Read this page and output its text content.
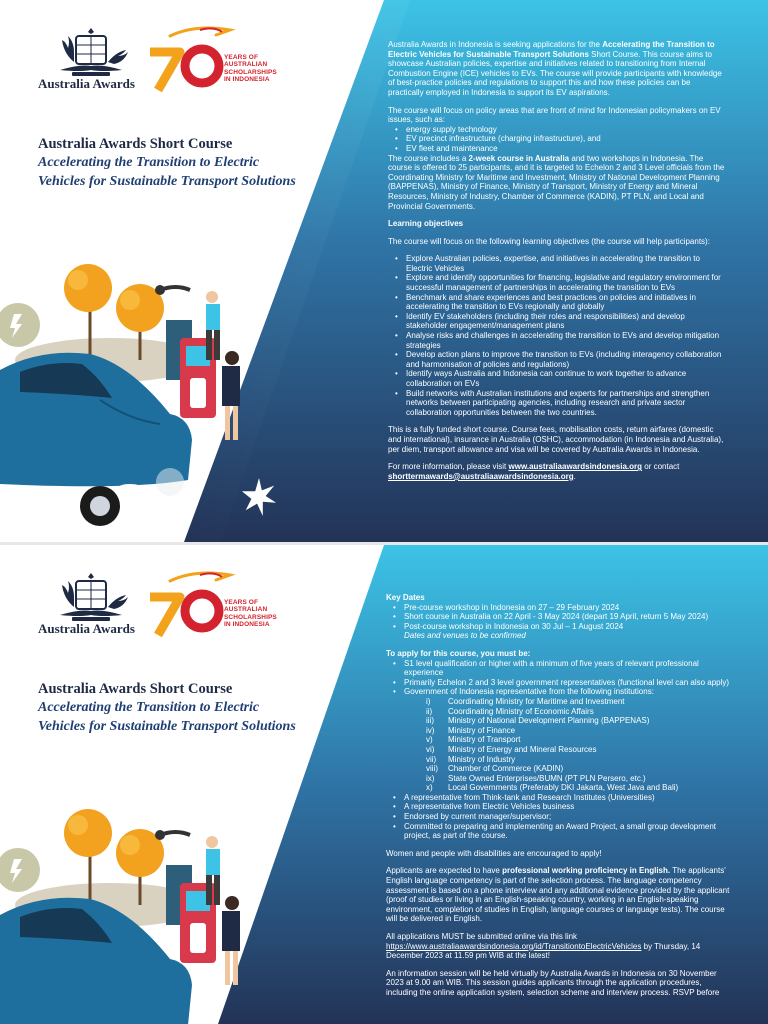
Australia Awards
YEARS OF
AUSTRALIAN
SCHOLARSHIPS
IN INDONESIA
Australia Awards Short Course
Accelerating the Transition to Electric Vehicles for Sustainable Transport Solutions

Australia Awards in Indonesia is seeking applications for the Accelerating the Transition to Electric Vehicles for Sustainable Transport Solutions Short Course. This course aims to showcase Australian policies, expertise and initiatives related to transitioning from Internal Combustion Engine (ICE) vehicles to EVs. The course will provide participants with knowledge of best-practice policies and regulations to support this and how these policies can be practically employed in Indonesia to support its EV aspirations.

The course will focus on policy areas that are front of mind for Indonesian policymakers on EV issues, such as:

• energy supply technology
• EV precinct infrastructure (charging infrastructure), and
• EV fleet and maintenance

The course includes a 2-week course in Australia and two workshops in Indonesia. The course is offered to 25 participants, and it is targeted to Echelon 2 and 3 Level officials from the Coordinating Ministry for Maritime and Investment, Ministry of National Development Planning (BAPPENAS), Ministry of Finance, Ministry of Transport, Ministry of Energy and Mineral Resources, Ministry of Industry, Chamber of Commerce (KADIN), PT PLN, and Local and Provincial Governments.

Learning objectives

The course will focus on the following learning objectives (the course will help participants):

• Explore Australian policies, expertise, and initiatives in accelerating the transition to Electric Vehicles
• Explore and identify opportunities for financing, legislative and regulatory environment for successful management of partnerships in accelerating the transition to EVs
• Benchmark and share experiences and best practices on policies and initiatives in accelerating the transition to EVs regionally and globally
• Identify EV stakeholders (including their roles and responsibilities) and develop stakeholder engagement/management plans
• Analyse risks and challenges in accelerating the transition to EVs and develop mitigation strategies
• Develop action plans to improve the transition to EVs (including interagency collaboration and harmonisation of policies and regulations)
• Identify ways Australia and Indonesia can continue to work together to advance collaboration on EVs
• Build networks with Australian institutions and experts for partnerships and strengthen networks between participating agencies, including research and private sector collaboration opportunities between the two countries.

This is a fully funded short course. Course fees, mobilisation costs, return airfares (domestic and international), insurance in Australia (OSHC), accommodation (in Indonesia and Australia), per diem, transport allowance and visa will be covered by Australia Awards in Indonesia.

For more information, please visit www.australiaawardsindonesia.org or contact shorttermawards@australiaawardsindonesia.org.

Australia Awards
YEARS OF
AUSTRALIAN
SCHOLARSHIPS
IN INDONESIA
Australia Awards Short Course
Accelerating the Transition to Electric Vehicles for Sustainable Transport Solutions
Key Dates
• Pre-course workshop in Indonesia on 27 – 29 February 2024
• Short course in Australia on 22 April - 3 May 2024 (depart 19 April, return 5 May 2024)
• Post-course workshop in Indonesia on 30 Jul – 1 August 2024

Dates and venues to be confirmed

To apply for this course, you must be:
• S1 level qualification or higher with a minimum of five years of relevant professional experience
• Primarily Echelon 2 and 3 level government representatives (functional level can also apply)
• Government of Indonesia representative from the following institutions:
i) Coordinating Ministry for Maritime and Investment
ii) Coordinating Ministry of Economic Affairs
iii) Ministry of National Development Planning (BAPPENAS)
iv) Ministry of Finance
v) Ministry of Transport
vi) Ministry of Energy and Mineral Resources
vii) Ministry of Industry
viii) Chamber of Commerce (KADIN)
ix) State Owned Enterprises/BUMN (PT PLN Persero, etc.)
x) Local Governments (Preferably DKI Jakarta, West Java and Bali)
• A representative from Think-tank and Research Institutes (Universities)
• A representative from Electric Vehicles business
• Endorsed by current manager/supervisor;
• Committed to preparing and implementing an Award Project, a small group development project, as part of the course.

Women and people with disabilities are encouraged to apply!

Applicants are expected to have professional working proficiency in English. The applicants' English language competency is part of the selection process. The language competency assessment is based on a phone interview and any additional evidence provided by the applicant (proof of studies or living in an English-speaking country, working in an English-speaking environment, completion of studies in English, language courses or language tests). The course will be delivered in English.

All applications MUST be submitted online via this link
https://www.australiaawardsindonesia.org/id/TransitiontoElectricVehicles by Thursday, 14 December 2023 at 11.59 pm WIB at the latest!

An information session will be held virtually by Australia Awards in Indonesia on 30 November 2023 at 9.00 am WIB. This session guides applicants through the application procedures, including the online application system, selection scheme and interview process. RSVP before
